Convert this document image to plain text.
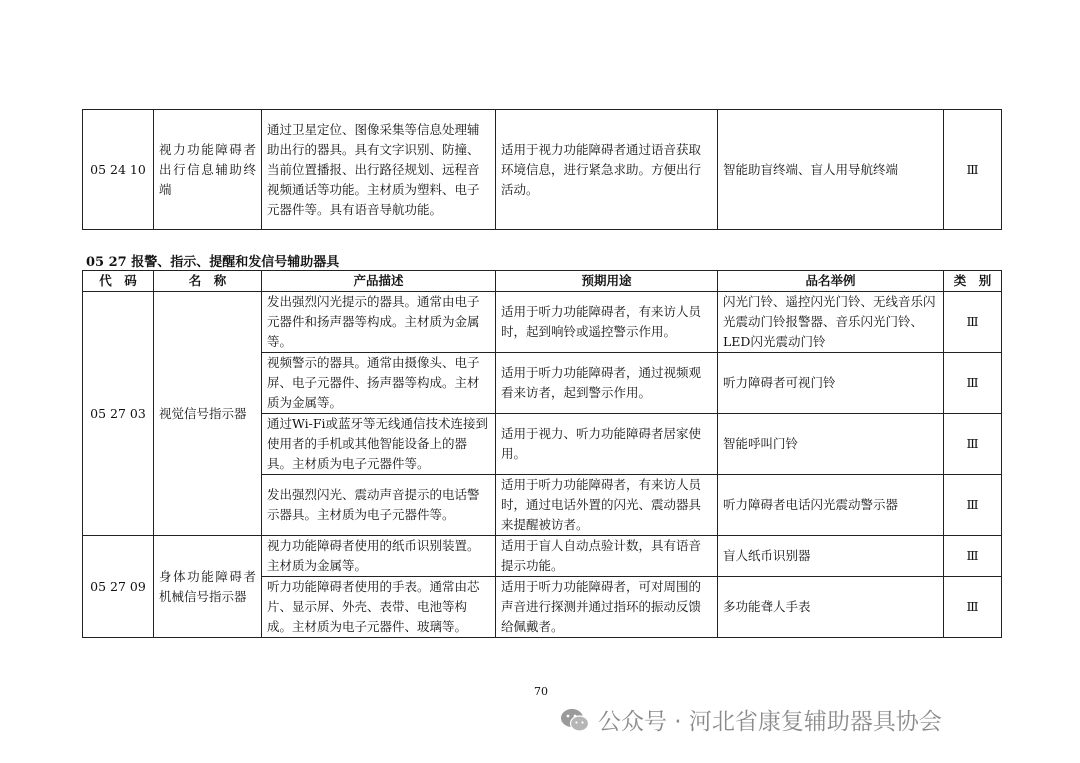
05 24 10	视力功能障碍者出行信息辅助终端	通过卫星定位、图像采集等信息处理辅助出行的器具。具有文字识别、防撞、当前位置播报、出行路径规划、远程音视频通话等功能。主材质为塑料、电子元器件等。具有语音导航功能。	适用于视力功能障碍者通过语音获取环境信息，进行紧急求助。方便出行活动。	智能助盲终端、盲人用导航终端	Ⅲ
05 27 报警、指示、提醒和发信号辅助器具
代　码	名　称	产品描述	预期用途	品名举例	类　别
05 27 03	视觉信号指示器	发出强烈闪光提示的器具。通常由电子元器件和扬声器等构成。主材质为金属等。	适用于听力功能障碍者，有来访人员时，起到响铃或遥控警示作用。	闪光门铃、遥控闪光门铃、无线音乐闪光震动门铃报警器、音乐闪光门铃、LED闪光震动门铃	Ⅲ
		视频警示的器具。通常由摄像头、电子屏、电子元器件、扬声器等构成。主材质为金属等。	适用于听力功能障碍者，通过视频观看来访者，起到警示作用。	听力障碍者可视门铃	Ⅲ
		通过Wi-Fi或蓝牙等无线通信技术连接到使用者的手机或其他智能设备上的器具。主材质为电子元器件等。	适用于视力、听力功能障碍者居家使用。	智能呼叫门铃	Ⅲ
		发出强烈闪光、震动声音提示的电话警示器具。主材质为电子元器件等。	适用于听力功能障碍者，有来访人员时，通过电话外置的闪光、震动器具来提醒被访者。	听力障碍者电话闪光震动警示器	Ⅲ
05 27 09	身体功能障碍者机械信号指示器	视力功能障碍者使用的纸币识别装置。主材质为金属等。	适用于盲人自动点验计数，具有语音提示功能。	盲人纸币识别器	Ⅲ
		听力功能障碍者使用的手表。通常由芯片、显示屏、外壳、表带、电池等构成。主材质为电子元器件、玻璃等。	适用于听力功能障碍者，可对周围的声音进行探测并通过指环的振动反馈给佩戴者。	多功能聋人手表	Ⅲ
70
公众号 · 河北省康复辅助器具协会
